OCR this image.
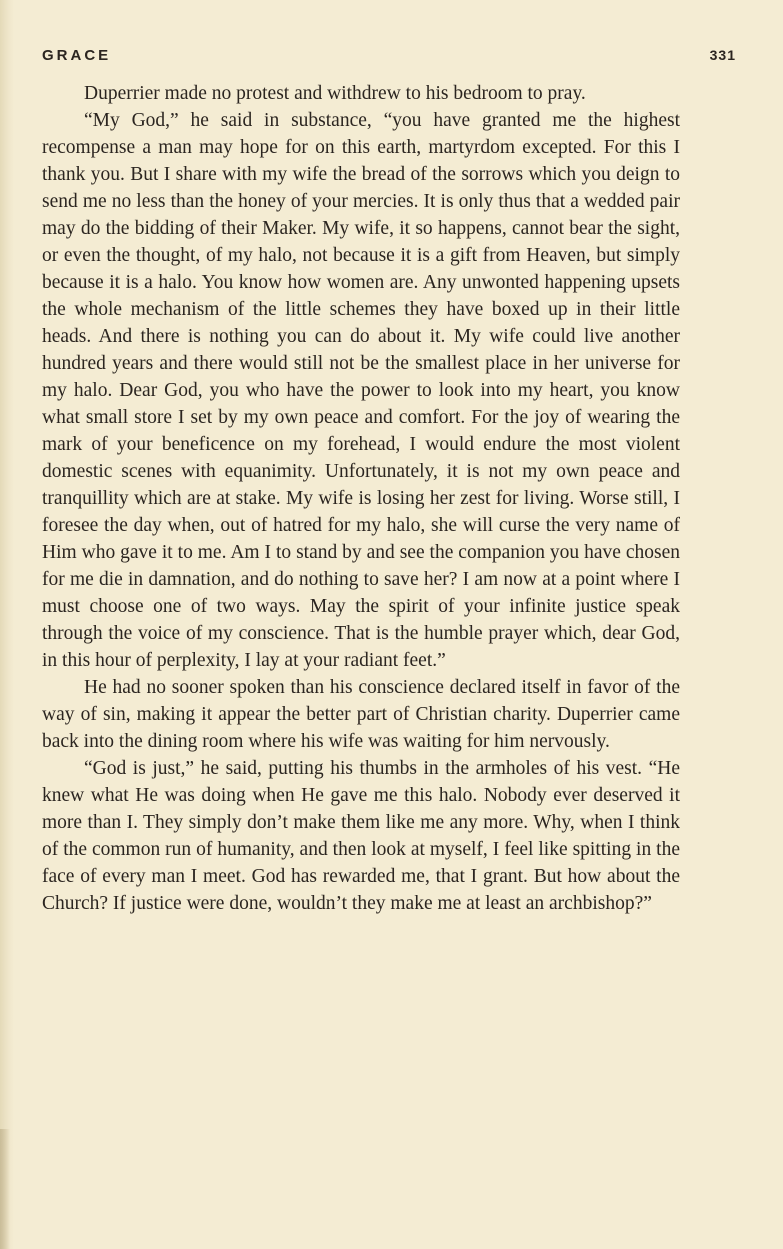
GRACE	331

Duperrier made no protest and withdrew to his bedroom to pray.

“My God,” he said in substance, “you have granted me the highest recompense a man may hope for on this earth, martyrdom excepted. For this I thank you. But I share with my wife the bread of the sorrows which you deign to send me no less than the honey of your mercies. It is only thus that a wedded pair may do the bidding of their Maker. My wife, it so happens, cannot bear the sight, or even the thought, of my halo, not because it is a gift from Heaven, but simply because it is a halo. You know how women are. Any unwonted happening upsets the whole mechanism of the little schemes they have boxed up in their little heads. And there is nothing you can do about it. My wife could live another hundred years and there would still not be the smallest place in her universe for my halo. Dear God, you who have the power to look into my heart, you know what small store I set by my own peace and comfort. For the joy of wearing the mark of your beneficence on my forehead, I would endure the most violent domestic scenes with equanimity. Unfortunately, it is not my own peace and tranquillity which are at stake. My wife is losing her zest for living. Worse still, I foresee the day when, out of hatred for my halo, she will curse the very name of Him who gave it to me. Am I to stand by and see the companion you have chosen for me die in damnation, and do nothing to save her? I am now at a point where I must choose one of two ways. May the spirit of your infinite justice speak through the voice of my conscience. That is the humble prayer which, dear God, in this hour of perplexity, I lay at your radiant feet.”

He had no sooner spoken than his conscience declared itself in favor of the way of sin, making it appear the better part of Christian charity. Duperrier came back into the dining room where his wife was waiting for him nervously.

“God is just,” he said, putting his thumbs in the armholes of his vest. “He knew what He was doing when He gave me this halo. Nobody ever deserved it more than I. They simply don’t make them like me any more. Why, when I think of the common run of humanity, and then look at myself, I feel like spitting in the face of every man I meet. God has rewarded me, that I grant. But how about the Church? If justice were done, wouldn’t they make me at least an archbishop?”
